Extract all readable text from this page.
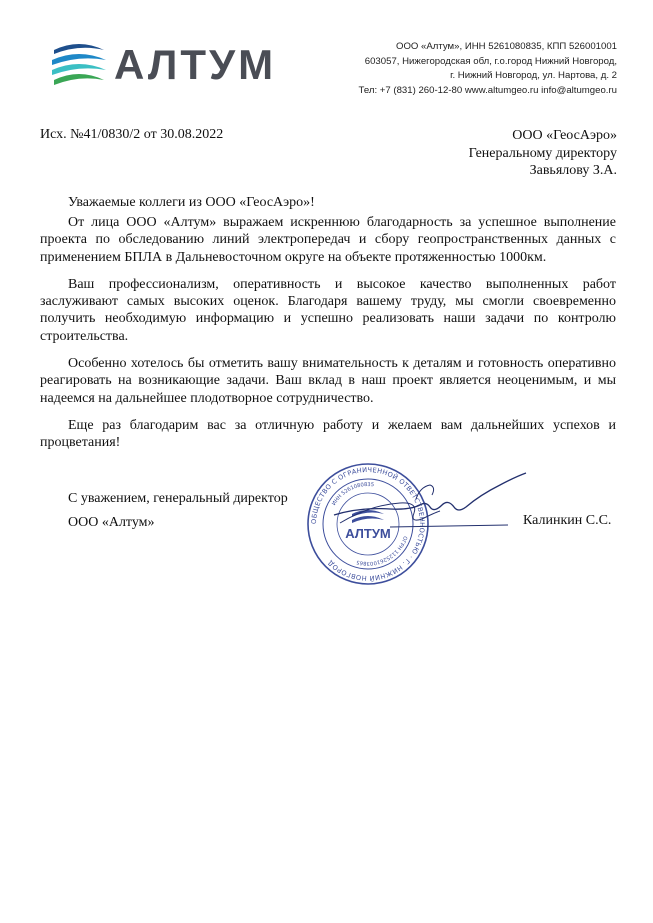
АЛТУМ	ООО «Алтум», ИНН 5261080835, КПП 526001001
603057, Нижегородская обл, г.о.город Нижний Новгород,
г. Нижний Новгород, ул. Нартова, д. 2
Тел: +7 (831) 260-12-80 www.altumgeo.ru info@altumgeo.ru
Исх. №41/0830/2 от 30.08.2022	ООО «ГеосАэро»
Генеральному директору
Завьялову З.А.
Уважаемые коллеги из ООО «ГеосАэро»!

От лица ООО «Алтум» выражаем искреннюю благодарность за успешное выполнение проекта по обследованию линий электропередач и сбору геопространственных данных с применением БПЛА в Дальневосточном округе на объекте протяженностью 1000км.

Ваш профессионализм, оперативность и высокое качество выполненных работ заслуживают самых высоких оценок. Благодаря вашему труду, мы смогли своевременно получить необходимую информацию и успешно реализовать наши задачи по контролю строительства.

Особенно хотелось бы отметить вашу внимательность к деталям и готовность оперативно реагировать на возникающие задачи. Ваш вклад в наш проект является неоценимым, и мы надеемся на дальнейшее плодотворное сотрудничество.

Еще раз благодарим вас за отличную работу и желаем вам дальнейших успехов и процветания!

С уважением, генеральный директор
ООО «Алтум»	ОБЩЕСТВО С ОГРАНИЧЕННОЙ ОТВЕТСТВЕННОСТЬЮ · Г. НИЖНИЙ НОВГОРОД
ИНН 5261080835
ОГРН 1125261003865
АЛТУМ
Калинкин С.С.
